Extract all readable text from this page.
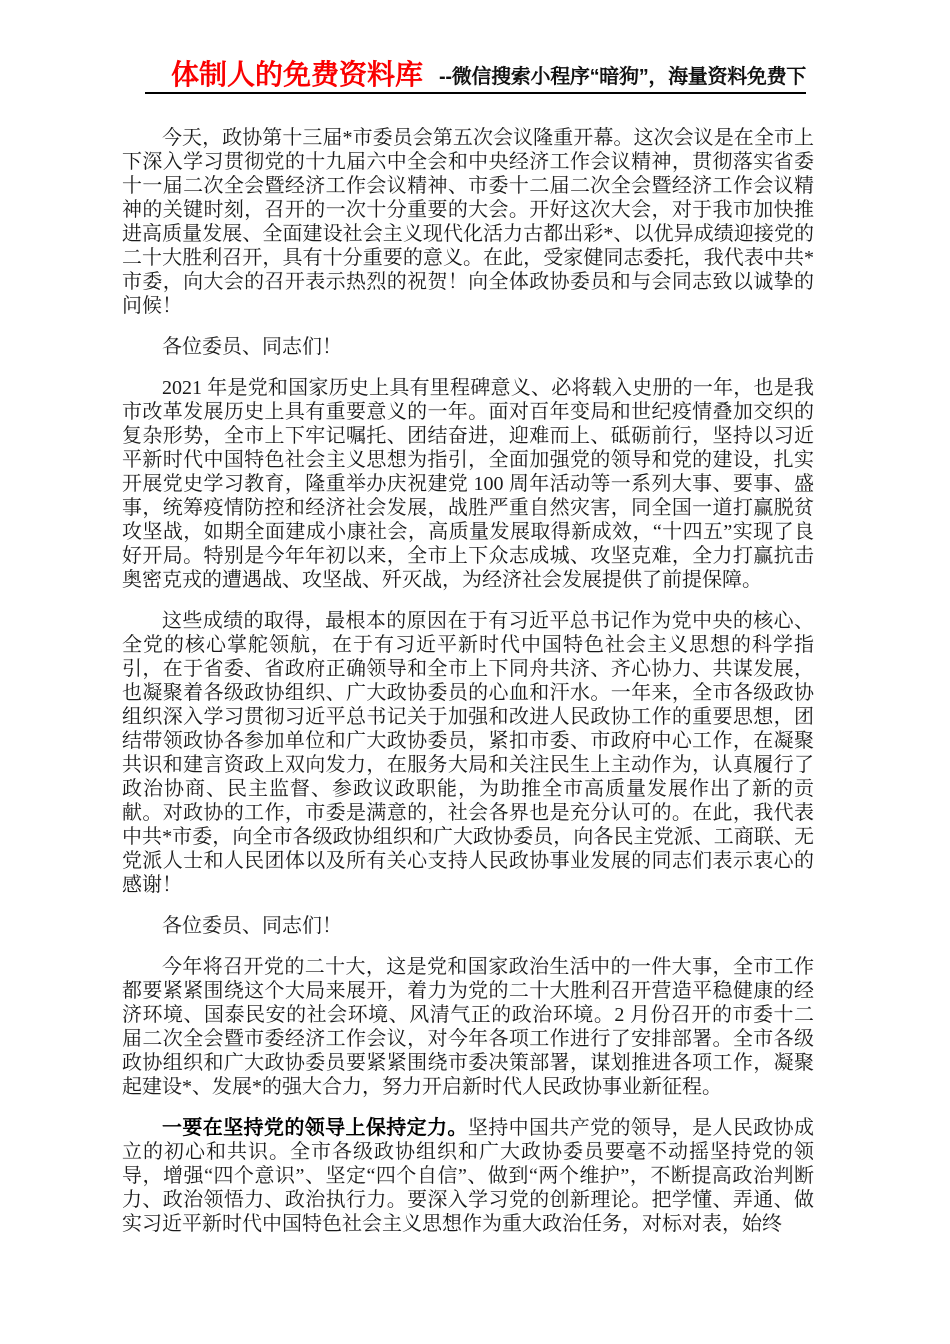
体制人的免费资料库 --微信搜索小程序“暗狗”，海量资料免费下

今天，政协第十三届*市委员会第五次会议隆重开幕。这次会议是在全市上下深入学习贯彻党的十九届六中全会和中央经济工作会议精神，贯彻落实省委十一届二次全会暨经济工作会议精神、市委十二届二次全会暨经济工作会议精神的关键时刻，召开的一次十分重要的大会。开好这次大会，对于我市加快推进高质量发展、全面建设社会主义现代化活力古都出彩*、以优异成绩迎接党的二十大胜利召开，具有十分重要的意义。在此，受家健同志委托，我代表中共*市委，向大会的召开表示热烈的祝贺！向全体政协委员和与会同志致以诚挚的问候！

各位委员、同志们！

2021 年是党和国家历史上具有里程碑意义、必将载入史册的一年，也是我市改革发展历史上具有重要意义的一年。面对百年变局和世纪疫情叠加交织的复杂形势，全市上下牢记嘱托、团结奋进，迎难而上、砥砺前行，坚持以习近平新时代中国特色社会主义思想为指引，全面加强党的领导和党的建设，扎实开展党史学习教育，隆重举办庆祝建党 100 周年活动等一系列大事、要事、盛事，统筹疫情防控和经济社会发展，战胜严重自然灾害，同全国一道打赢脱贫攻坚战，如期全面建成小康社会，高质量发展取得新成效，“十四五”实现了良好开局。特别是今年年初以来，全市上下众志成城、攻坚克难，全力打赢抗击奥密克戎的遭遇战、攻坚战、歼灭战，为经济社会发展提供了前提保障。

这些成绩的取得，最根本的原因在于有习近平总书记作为党中央的核心、全党的核心掌舵领航，在于有习近平新时代中国特色社会主义思想的科学指引，在于省委、省政府正确领导和全市上下同舟共济、齐心协力、共谋发展，也凝聚着各级政协组织、广大政协委员的心血和汗水。一年来，全市各级政协组织深入学习贯彻习近平总书记关于加强和改进人民政协工作的重要思想，团结带领政协各参加单位和广大政协委员，紧扣市委、市政府中心工作，在凝聚共识和建言资政上双向发力，在服务大局和关注民生上主动作为，认真履行了政治协商、民主监督、参政议政职能，为助推全市高质量发展作出了新的贡献。对政协的工作，市委是满意的，社会各界也是充分认可的。在此，我代表中共*市委，向全市各级政协组织和广大政协委员，向各民主党派、工商联、无党派人士和人民团体以及所有关心支持人民政协事业发展的同志们表示衷心的感谢！

各位委员、同志们！

今年将召开党的二十大，这是党和国家政治生活中的一件大事，全市工作都要紧紧围绕这个大局来展开，着力为党的二十大胜利召开营造平稳健康的经济环境、国泰民安的社会环境、风清气正的政治环境。2 月份召开的市委十二届二次全会暨市委经济工作会议，对今年各项工作进行了安排部署。全市各级政协组织和广大政协委员要紧紧围绕市委决策部署，谋划推进各项工作，凝聚起建设*、发展*的强大合力，努力开启新时代人民政协事业新征程。

一要在坚持党的领导上保持定力。坚持中国共产党的领导，是人民政协成立的初心和共识。全市各级政协组织和广大政协委员要毫不动摇坚持党的领导，增强“四个意识”、坚定“四个自信”、做到“两个维护”，不断提高政治判断力、政治领悟力、政治执行力。要深入学习党的创新理论。把学懂、弄通、做实习近平新时代中国特色社会主义思想作为重大政治任务，对标对表，始终
